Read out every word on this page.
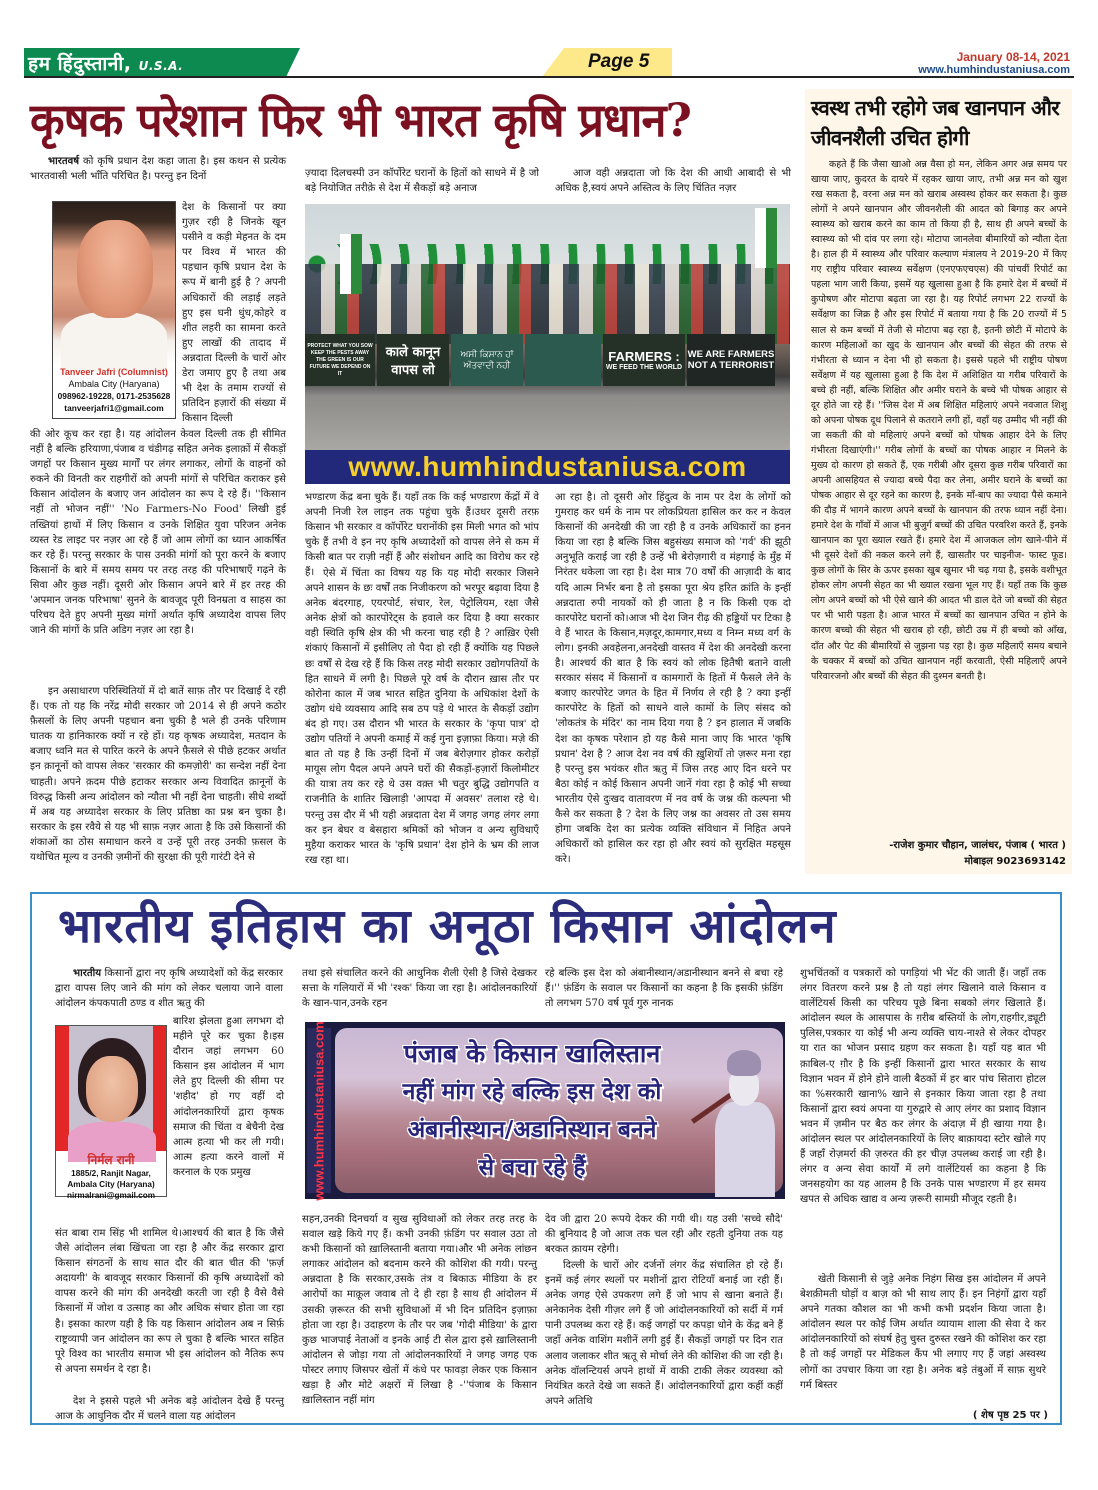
हम हिंदुस्तानी, U.S.A.	Page 5	January 08-14, 2021
www.humhindustaniusa.com
कृषक परेशान फिर भी भारत कृषि प्रधान?

भारतवर्ष को कृषि प्रधान देश कहा जाता है। इस कथन से प्रत्येक भारतवासी भली भाँति परिचित है। परन्तु इन दिनों

Tanveer Jafri (Columnist)
Ambala City (Haryana)
098962-19228, 0171-2535628
tanveerjafri1@gmail.com
देश के किसानों पर क्या गुज़र रही है जिनके खून पसीने व कड़ी मेहनत के दम पर विश्व में भारत की पहचान कृषि प्रधान देश के रूप में बानी हुई है ? अपनी अधिकारों की लड़ाई लड़ते हुए इस घनी धुंध,कोहरे व शीत लहरी का सामना करते हुए लाखों की तादाद में अन्नदाता दिल्ली के चारों ओर डेरा जमाए हुए है तथा अब भी देश के तमाम राज्यों से प्रतिदिन हज़ारों की संख्या में किसान दिल्ली
की ओर कूच कर रहा है। यह आंदोलन केवल दिल्ली तक ही सीमित नहीं है बल्कि हरियाणा,पंजाब व चंडीगढ़ सहित अनेक इलाक़ों में सैकड़ों जगहों पर किसान मुख्य मार्गों पर लंगर लगाकर, लोगों के वाहनों को रुकने की विनती कर राहगीरों को अपनी मांगों से परिचित कराकर इसे किसान आंदोलन के बजाए जन आंदोलन का रूप दे रहे हैं। ''किसान नहीं तो भोजन नहीं'' 'No Farmers-No Food' लिखी हुई तख्तियां हाथों में लिए किसान व उनके शिक्षित युवा परिजन अनेक व्यस्त रेड लाइट पर नज़र आ रहे हैं जो आम लोगों का ध्यान आकर्षित कर रहे हैं। परन्तु सरकार के पास उनकी मांगों को पूरा करने के बजाए किसानों के बारे में समय समय पर तरह तरह की परिभाषाएँ गढ़ने के सिवा और कुछ नहीं। दूसरी ओर किसान अपने बारे में हर तरह की 'अपमान जनक परिभाषा' सुनने के बावजूद पूरी विनम्रता व साहस का परिचय देते हुए अपनी मुख्य मांगों अर्थात कृषि अध्यादेश वापस लिए जाने की मांगों के प्रति अडिग नज़र आ रहा है।

इन असाधारण परिस्थितियों में दो बातें साफ़ तौर पर दिखाई दे रही हैं। एक तो यह कि नरेंद्र मोदी सरकार जो 2014 से ही अपने कठोर फ़ैसलों के लिए अपनी पहचान बना चुकी है भले ही उनके परिणाम घातक या हानिकारक क्यों न रहे हों। यह कृषक अध्यादेश, मतदान के बजाए ध्वनि मत से पारित करने के अपने फ़ैसले से पीछे हटकर अर्थात इन क़ानूनों को वापस लेकर 'सरकार की कमज़ोरी' का सन्देश नहीं देना चाहती। अपने क़दम पीछे हटाकर सरकार अन्य विवादित क़ानूनों के विरुद्ध किसी अन्य आंदोलन को न्यौता भी नहीं देना चाहती। सीधे शब्दों में अब यह अध्यादेश सरकार के लिए प्रतिष्ठा का प्रश्न बन चुका है। सरकार के इस रवैये से यह भी साफ़ नज़र आता है कि उसे किसानों की शंकाओं का ठोस समाधान करने व उन्हें पूरी तरह उनकी फ़सल के यथोचित मूल्य व उनकी ज़मीनों की सुरक्षा की पूरी गारंटी देने से

ज़्यादा दिलचस्पी उन कॉर्पोरेट घरानों के हितों को साधने में है जो बड़े नियोजित तरीक़े से देश में सैकड़ों बड़े अनाज

आज वही अन्नदाता जो कि देश की आधी आबादी से भी अधिक है,स्वयं अपने अस्तित्व के लिए चिंतित नज़र

PROTECT WHAT YOU SOW KEEP THE PESTS AWAY THE GREEN IS OUR FUTURE WE DEPEND ON IT
काले कानून
वापस लो
ਅਸੀ ਕਿਸਾਨ ਹਾਂ
ਅੱਤਵਾਦੀ ਨਹੀ
FARMERS :
WE FEED THE WORLD
WE ARE FARMERS
NOT A TERRORIST
www.humhindustaniusa.com
भण्डारण केंद्र बना चुके हैं। यहाँ तक कि कई भण्डारण केंद्रों में वे अपनी निजी रेल लाइन तक पहुंचा चुके हैं।उधर दूसरी तरफ़ किसान भी सरकार व कॉर्पोरेट घरानोंकी इस मिली भगत को भांप चुके हैं तभी वे इन नए कृषि अध्यादेशों को वापस लेने से कम में किसी बात पर राज़ी नहीं हैं और संशोधन आदि का विरोध कर रहे हैं। ऐसे में चिंता का विषय यह कि यह मोदी सरकार जिसने अपने शासन के छः वर्षों तक निजीकरण को भरपूर बढ़ावा दिया है अनेक बंदरगाह, एयरपोर्ट, संचार, रेल, पेट्रोलियम, रक्षा जैसे अनेक क्षेत्रों को कारपोरेट्स के हवाले कर दिया है क्या सरकार वही स्थिति कृषि क्षेत्र की भी करना चाह रही है ? आख़िर ऐसी शंकाएं किसानों में इसीलिए तो पैदा हो रही हैं क्योंकि यह पिछले छः वर्षों से देख रहे हैं कि किस तरह मोदी सरकार उद्योगपतियों के हित साधने में लगी है। पिछले पूरे वर्ष के दौरान ख़ास तौर पर कोरोना काल में जब भारत सहित दुनिया के अधिकांश देशों के उद्योग धंधे व्यवसाय आदि सब ठप पड़े थे भारत के सैकड़ों उद्योग बंद हो गए। उस दौरान भी भारत के सरकार के 'कृपा पात्र' दो उद्योग पतियों ने अपनी कमाई में कई गुना इज़ाफ़ा किया। मज़े की बात तो यह है कि उन्हीं दिनों में जब बेरोज़गार होकर करोड़ों मायूस लोग पैदल अपने अपने घरों की सैकड़ों-हज़ारों किलोमीटर की यात्रा तय कर रहे थे उस वक़्त भी चतुर बुद्धि उद्योगपति व राजनीति के शातिर खिलाड़ी 'आपदा में अवसर' तलाश रहे थे। परन्तु उस दौर में भी यही अन्नदाता देश में जगह जगह लंगर लगा कर इन बेघर व बेसहारा श्रमिकों को भोजन व अन्य सुविधाएँ मुहैया कराकर भारत के 'कृषि प्रधान' देश होने के भ्रम की लाज रख रहा था।

आ रहा है। तो दूसरी ओर हिंदुत्व के नाम पर देश के लोगों को गुमराह कर धर्म के नाम पर लोकप्रियता हासिल कर कर न केवल किसानों की अनदेखी की जा रही है व उनके अधिकारों का हनन किया जा रहा है बल्कि जिस बहुसंख्य समाज को 'गर्व' की झूठी अनुभूति कराई जा रही है उन्हें भी बेरोज़गारी व मंहगाई के मुँह में निरंतर धकेला जा रहा है। देश मात्र 70 वर्षों की आज़ादी के बाद यदि आत्म निर्भर बना है तो इसका पूरा श्रेय हरित क्रांति के इन्हीं अन्नदाता रुपी नायकों को ही जाता है न कि किसी एक दो कारपोरेट घरानों को।आज भी देश जिन रीढ़ की हड्डियों पर टिका है वे हैं भारत के किसान,मज़दूर,कामगार,मध्य व निम्न मध्य वर्ग के लोग। इनकी अवहेलना,अनदेखी वास्तव में देश की अनदेखी करना है। आश्चर्य की बात है कि स्वयं को लोक हितैषी बताने वाली सरकार संसद में किसानों व कामगारों के हितों में फैसले लेने के बजाए कारपोरेट जगत के हित में निर्णय ले रही है ? क्या इन्हीं कारपोरेट के हितों को साधने वाले कामों के लिए संसद को 'लोकतंत्र के मंदिर' का नाम दिया गया है ? इन हालात में जबकि देश का कृषक परेशान हो यह कैसे माना जाए कि भारत 'कृषि प्रधान' देश है ? आज देश नव वर्ष की ख़ुशियाँ तो ज़रूर मना रहा है परन्तु इस भयंकर शीत ऋतु में जिस तरह आए दिन धरने पर बैठा कोई न कोई किसान अपनी जानें गंवा रहा है कोई भी सच्चा भारतीय ऐसे दुःखद वातावरण में नव वर्ष के जश्न की कल्पना भी कैसे कर सकता है ? देश के लिए जश्न का अवसर तो उस समय होगा जबकि देश का प्रत्येक व्यक्ति संविधान में निहित अपने अधिकारों को हासिल कर रहा हो और स्वयं को सुरक्षित महसूस करे।
स्वस्थ तभी रहोगे जब खानपान और जीवनशैली उचित होगी

कहते हैं कि जैसा खाओ अन्न वैसा हो मन, लेकिन अगर अन्न समय पर खाया जाए, कुदरत के दायरे में रहकर खाया जाए, तभी अन्न मन को खुश रख सकता है, वरना अन्न मन को खराब अस्वस्थ होकर कर सकता है। कुछ लोगों ने अपने खानपान और जीवनशैली की आदत को बिगाड़ कर अपने स्वास्थ्य को खराब करने का काम तो किया ही है, साथ ही अपने बच्चों के स्वास्थ्य को भी दांव पर लगा रहे। मोटापा जानलेवा बीमारियों को न्यौता देता है। हाल ही में स्वास्थ्य और परिवार कल्याण मंत्रालय ने 2019-20 में किए गए राष्ट्रीय परिवार स्वास्थ्य सर्वेक्षण (एनएफएचएस) की पांचवीं रिपोर्ट का पहला भाग जारी किया, इसमें यह खुलासा हुआ है कि हमारे देश में बच्चों में कुपोषण और मोटापा बढ़ता जा रहा है। यह रिपोर्ट लगभग 22 राज्यों के सर्वेक्षण का जिक्र है और इस रिपोर्ट में बताया गया है कि 20 राज्यों में 5 साल से कम बच्चों में तेजी से मोटापा बढ़ रहा है, इतनी छोटी में मोटापे के कारण महिलाओं का खुद के खानपान और बच्चों की सेहत की तरफ से गंभीरता से ध्यान न देना भी हो सकता है। इससे पहले भी राष्ट्रीय पोषण सर्वेक्षण में यह खुलासा हुआ है कि देश में अशिक्षित या गरीब परिवारों के बच्चे ही नहीं, बल्कि शिक्षित और अमीर घराने के बच्चे भी पोषक आहार से दूर होते जा रहे हैं। ''जिस देश में अब शिक्षित महिलाएं अपने नवजात शिशु को अपना पोषक दूध पिलाने से कतराने लगी हों, वहाँ यह उम्मीद भी नहीं की जा सकती की वो महिलाएं अपने बच्चों को पोषक आहार देने के लिए गंभीरता दिखाएंगी।'' गरीब लोगों के बच्चों का पोषक आहार न मिलने के मुख्य दो कारण हो सकते हैं, एक गरीबी और दूसरा कुछ गरीब परिवारों का अपनी आसहियत से ज्यादा बच्चे पैदा कर लेना, अमीर घराने के बच्चों का पोषक आहार से दूर रहने का कारण है, इनके माँ-बाप का ज्यादा पैसे कमाने की दौड़ में भागने कारण अपने बच्चों के खानपान की तरफ ध्यान नहीं देना। हमारे देश के गाँवों में आज भी बुजुर्ग बच्चों की उचित परवरिश करते हैं, इनके खानपान का पूरा ख्याल रखते हैं। हमारे देश में आजकल लोग खाने-पीने में भी दूसरे देशों की नकल करने लगे हैं, खासतौर पर चाइनीज- फास्ट फूड। कुछ लोगों के सिर के ऊपर इसका खुब खुमार भी चढ़ गया है, इसके वशीभूत होकर लोग अपनी सेहत का भी ख्याल रखना भूल गए हैं। यहाँ तक कि कुछ लोग अपने बच्चों को भी ऐसे खाने की आदत भी डाल देते जो बच्चों की सेहत पर भी भारी पड़ता है। आज भारत में बच्चों का खानपान उचित न होने के कारण बच्चो की सेहत भी खराब हो रही, छोटी उम्र में ही बच्चो को आँख, दाँत और पेट की बीमारियों से जुझना पड़ रहा है। कुछ महिलाएँ समय बचाने के चक्कर में बच्चों को उचित खानपान नहीं करवाती, ऐसी महिलाएँ अपने परिवारजनो और बच्चों की सेहत की दुश्मन बनती है।

-राजेश कुमार चौहान, जालंधर, पंजाब ( भारत )
मोबाइल 9023693142
भारतीय इतिहास का अनूठा किसान आंदोलन

भारतीय किसानों द्वारा नए कृषि अध्यादेशों को केंद्र सरकार द्वारा वापस लिए जाने की मांग को लेकर चलाया जाने वाला आंदोलन कंपकपाती ठण्ड व शीत ऋतु की

निर्मल रानी
1885/2, Ranjit Nagar,
Ambala City (Haryana)
nirmalrani@gmail.com
बारिश झेलता हुआ लगभग दो महीने पूरे कर चुका है।इस दौरान जहां लगभग 60 किसान इस आंदोलन में भाग लेते हुए दिल्ली की सीमा पर 'शहीद' हो गए वहीं दो आंदोलनकारियों द्वारा कृषक समाज की चिंता व बेचैनी देख आत्म हत्या भी कर ली गयी। आत्म हत्या करने वालों में करनाल के एक प्रमुख
संत बाबा राम सिंह भी शामिल थे।आश्चर्य की बात है कि जैसे जैसे आंदोलन लंबा खिंचता जा रहा है और केंद्र सरकार द्वारा किसान संगठनों के साथ सात दौर की बात चीत की 'फ़र्ज़ अदायगी' के बावजूद सरकार किसानों की कृषि अध्यादेशों को वापस करने की मांग की अनदेखी करती जा रही है वैसे वैसे किसानों में जोश व उत्साह का और अधिक संचार होता जा रहा है। इसका कारण यही है कि यह किसान आंदोलन अब न सिर्फ़ राष्ट्रव्यापी जन आंदोलन का रूप ले चुका है बल्कि भारत सहित पूरे विश्व का भारतीय समाज भी इस आंदोलन को नैतिक रूप से अपना समर्थन दे रहा है।

देश ने इससे पहले भी अनेक बड़े आंदोलन देखे हैं परन्तु आज के आधुनिक दौर में चलने वाला यह आंदोलन

तथा इसे संचालित करने की आधुनिक शैली ऐसी है जिसे देखकर सत्ता के गलियारों में भी 'रश्क' किया जा रहा है। आंदोलनकारियों के खान-पान,उनके रहन
रहे बल्कि इस देश को अंबानीस्थान/अडानीस्थान बनने से बचा रहे हैं।'' फ़ंडिंग के सवाल पर किसानों का कहना है कि इसकी फ़ंडिंग तो लगभग 570 वर्ष पूर्व गुरु नानक
www.humhindustaniusa.com	पंजाब के किसान खालिस्तान
नहीं मांग रहे बल्कि इस देश को
अंबानीस्थान/अडानिस्थान बनने
से बचा रहे हैं
सहन,उनकी दिनचर्या व सुख सुविधाओं को लेकर तरह तरह के सवाल खड़े किये गए हैं। कभी उनकी फ़ंडिंग पर सवाल उठा तो कभी किसानों को ख़ालिस्तानी बताया गया।और भी अनेक लांछन लगाकर आंदोलन को बदनाम करने की कोशिश की गयी। परन्तु अन्नदाता है कि सरकार,उसके तंत्र व बिकाऊ मीडिया के हर आरोपों का माक़ूल जवाब तो दे ही रहा है साथ ही आंदोलन में उसकी ज़रूरत की सभी सुविधाओं में भी दिन प्रतिदिन इज़ाफ़ा होता जा रहा है। उदाहरण के तौर पर जब 'गोदी मीडिया' के द्वारा कुछ भाजपाई नेताओं व इनके आई टी सेल द्वारा इसे ख़ालिस्तानी आंदोलन से जोड़ा गया तो आंदोलनकारियों ने जगह जगह एक पोस्टर लगाए जिसपर खेतों में कंधे पर फावड़ा लेकर एक किसान खड़ा है और मोटे अक्षरों में लिखा है -''पंजाब के किसान ख़ालिस्तान नहीं मांग
देव जी द्वारा 20 रूपये देकर की गयी थी। यह उसी 'सच्चे सौदे' की बुनियाद है जो आज तक चल रही और रहती दुनिया तक यह बरकत क़ायम रहेगी।

दिल्ली के चारों ओर दर्जनों लंगर केंद्र संचालित हो रहे हैं। इनमें कई लंगर स्थलों पर मशीनों द्वारा रोटियाँ बनाई जा रही हैं। अनेक जगह ऐसे उपकरण लगे हैं जो भाप से खाना बनाते हैं। अनेकानेक देसी गीज़र लगे हैं जो आंदोलनकारियों को सर्दी में गर्म पानी उपलब्ध करा रहे हैं। कई जगहों पर कपड़ा धोने के केंद्र बने हैं जहाँ अनेक वाशिंग मशीनें लगी हुई हैं। सैकड़ों जगहों पर दिन रात अलाव जलाकर शीत ऋतू से मोर्चा लेने की कोशिश की जा रही है। अनेक वॉलन्टियर्स अपने हाथों में वाकी टाकी लेकर व्यवस्था को नियंत्रित करते देखे जा सकते हैं। आंदोलनकारियों द्वारा कहीं कहीं अपने अतिथि

शुभचिंतकों व पत्रकारों को पगड़ियां भी भेंट की जाती हैं। जहाँ तक लंगर वितरण करने प्रश्न है तो यहां लंगर खिलाने वाले किसान व वालेंटियर्स किसी का परिचय पूछे बिना सबको लंगर खिलाते हैं।आंदोलन स्थल के आसपास के ग़रीब बस्तियों के लोग,राहगीर,ड्यूटी पुलिस,पत्रकार या कोई भी अन्य व्यक्ति चाय-नाश्ते से लेकर दोपहर या रात का भोजन प्रसाद ग्रहण कर सकता है। यहाँ यह बात भी क़ाबिल-ए ग़ौर है कि इन्हीं किसानों द्वारा भारत सरकार के साथ विज्ञान भवन में होने होने वाली बैठकों में हर बार पांच सितारा होटल का %सरकारी खाना% खाने से इनकार किया जाता रहा है तथा किसानों द्वारा स्वयं अपना या गुरुद्वारे से आए लंगर का प्रशाद विज्ञान भवन में ज़मीन पर बैठ कर लंगर के अंदाज़ में ही खाया गया है। आंदोलन स्थल पर आंदोलनकारियों के लिए बाक़ायदा स्टोर खोले गए हैं जहाँ रोज़मर्रा की ज़रुरत की हर चीज़ उपलब्ध कराई जा रही है। लंगर व अन्य सेवा कार्यों में लगे वालेंटियर्स का कहना है कि जनसहयोग का यह आलम है कि उनके पास भण्डारण में हर समय खपत से अधिक खाद्य व अन्य ज़रूरी सामग्री मौजूद रहती है।

खेती किसानी से जुड़े अनेक निहंग सिख इस आंदोलन में अपने बेशक़ीमती घोड़ों व बाज़ को भी साथ लाए हैं। इन निहंगों द्वारा यहाँ अपने गतका कौशल का भी कभी कभी प्रदर्शन किया जाता है। आंदोलन स्थल पर कोई जिम अर्थात व्यायाम शाला की सेवा दे कर आंदोलनकारियों को संघर्ष हेतु चुस्त दुरुस्त रखने की कोशिश कर रहा है तो कई जगहों पर मेडिकल कैंप भी लगाए गए हैं जहां अस्वस्थ लोगों का उपचार किया जा रहा है। अनेक बड़े तंबुओं में साफ़ सुथरे गर्म बिस्तर

( शेष पृष्ठ 25 पर )
